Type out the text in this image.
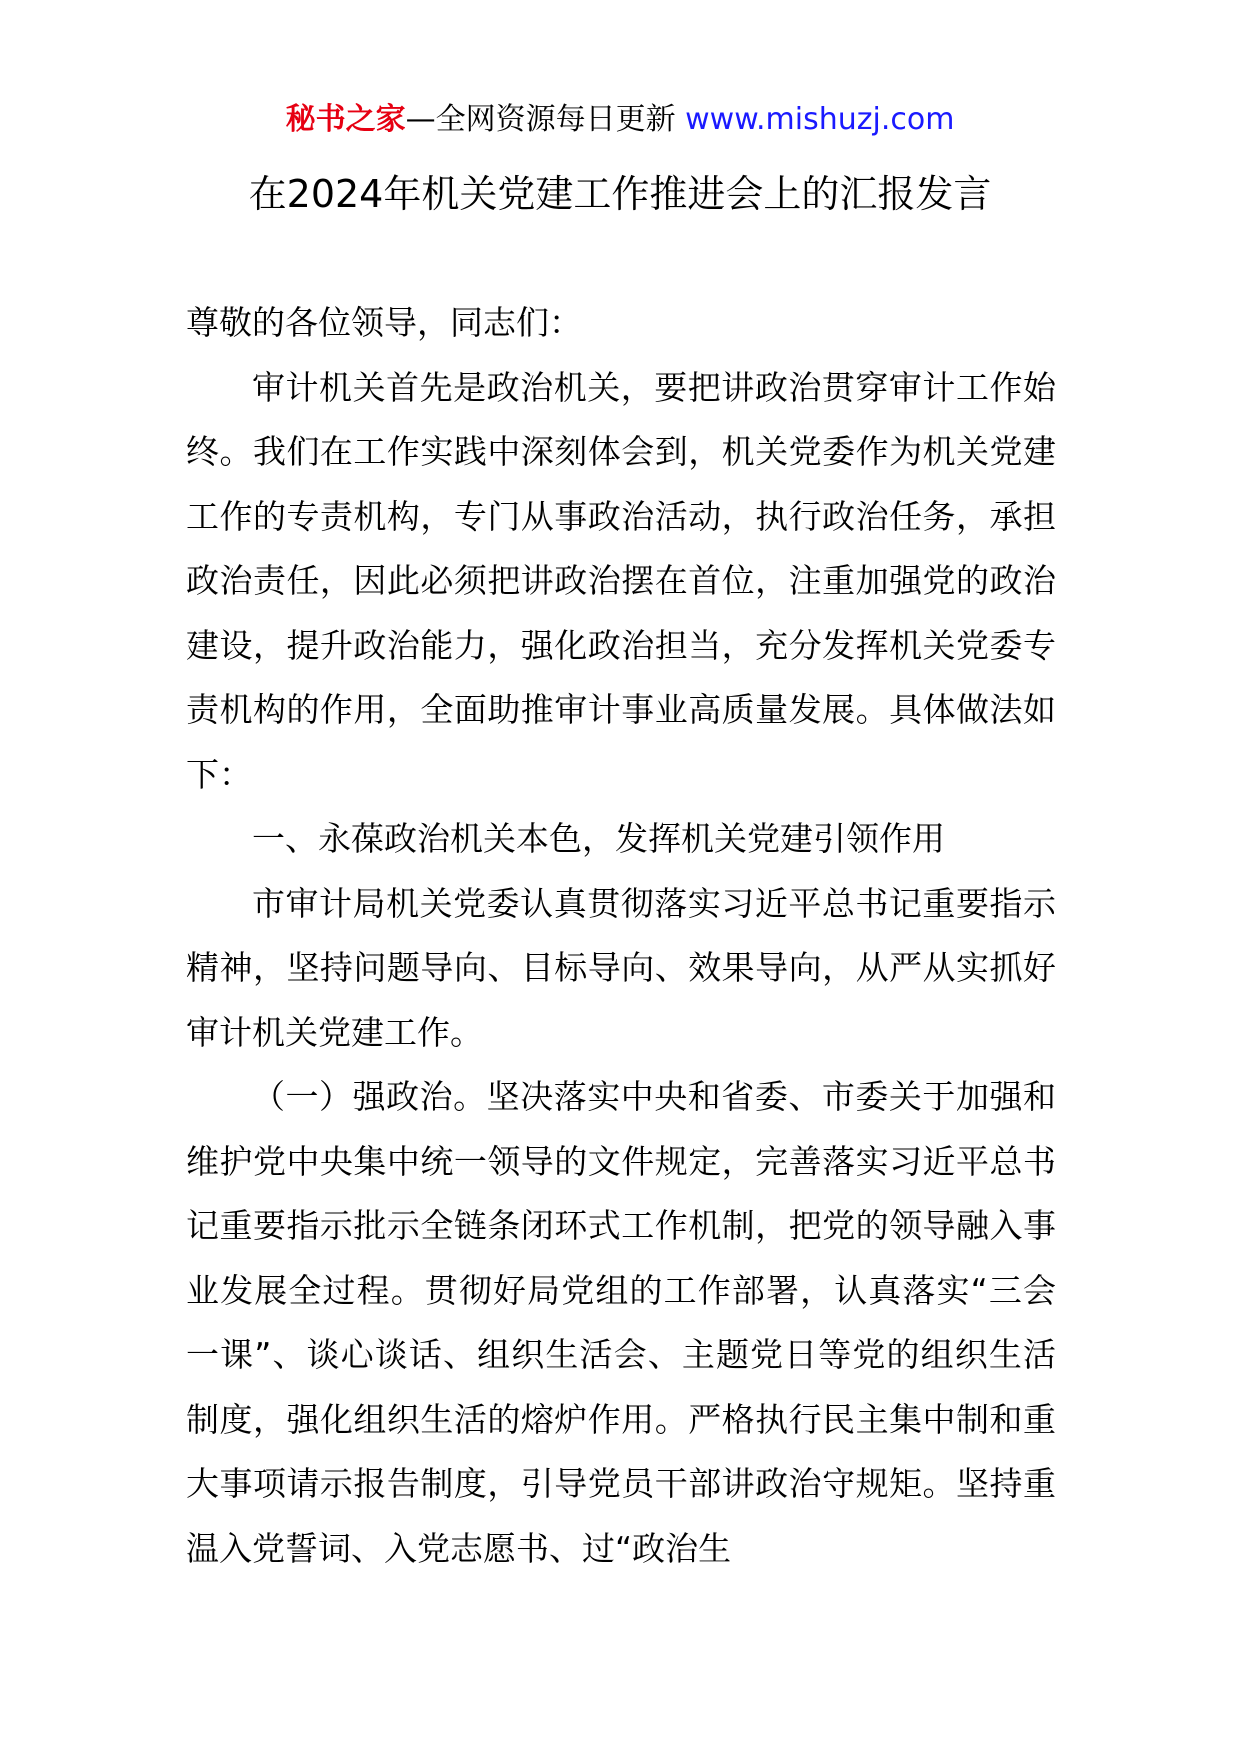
秘书之家—全网资源每日更新 www.mishuzj.com
在2024年机关党建工作推进会上的汇报发言

尊敬的各位领导，同志们：

审计机关首先是政治机关，要把讲政治贯穿审计工作始终。我们在工作实践中深刻体会到，机关党委作为机关党建工作的专责机构，专门从事政治活动，执行政治任务，承担政治责任，因此必须把讲政治摆在首位，注重加强党的政治建设，提升政治能力，强化政治担当，充分发挥机关党委专责机构的作用，全面助推审计事业高质量发展。具体做法如下：

一、永葆政治机关本色，发挥机关党建引领作用

市审计局机关党委认真贯彻落实习近平总书记重要指示精神，坚持问题导向、目标导向、效果导向，从严从实抓好审计机关党建工作。

（一）强政治。坚决落实中央和省委、市委关于加强和维护党中央集中统一领导的文件规定，完善落实习近平总书记重要指示批示全链条闭环式工作机制，把党的领导融入事业发展全过程。贯彻好局党组的工作部署，认真落实“三会一课”、谈心谈话、组织生活会、主题党日等党的组织生活制度，强化组织生活的熔炉作用。严格执行民主集中制和重大事项请示报告制度，引导党员干部讲政治守规矩。坚持重温入党誓词、入党志愿书、过“政治生
